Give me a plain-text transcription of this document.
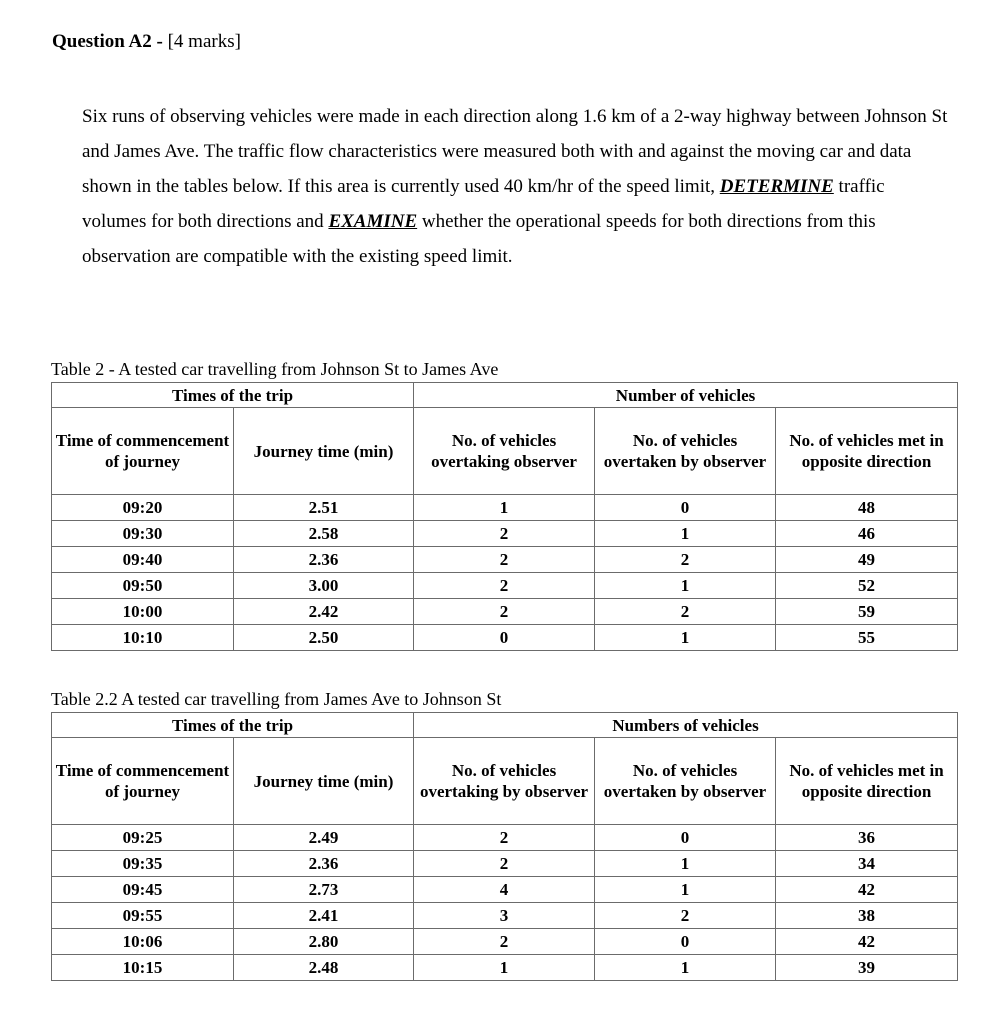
Question A2 - [4 marks]

Six runs of observing vehicles were made in each direction along 1.6 km of a 2-way highway between Johnson St and James Ave. The traffic flow characteristics were measured both with and against the moving car and data shown in the tables below. If this area is currently used 40 km/hr of the speed limit, DETERMINE traffic volumes for both directions and EXAMINE whether the operational speeds for both directions from this observation are compatible with the existing speed limit.

Table 2 - A tested car travelling from Johnson St to James Ave
Times of the trip		Number of vehicles		
Time of commencement of journey	Journey time (min)	No. of vehicles overtaking observer	No. of vehicles overtaken by observer	No. of vehicles met in opposite direction
09:20	2.51	1	0	48
09:30	2.58	2	1	46
09:40	2.36	2	2	49
09:50	3.00	2	1	52
10:00	2.42	2	2	59
10:10	2.50	0	1	55
Table 2.2 A tested car travelling from James Ave to Johnson St
Times of the trip		Numbers of vehicles		
Time of commencement of journey	Journey time (min)	No. of vehicles overtaking by observer	No. of vehicles overtaken by observer	No. of vehicles met in opposite direction
09:25	2.49	2	0	36
09:35	2.36	2	1	34
09:45	2.73	4	1	42
09:55	2.41	3	2	38
10:06	2.80	2	0	42
10:15	2.48	1	1	39
